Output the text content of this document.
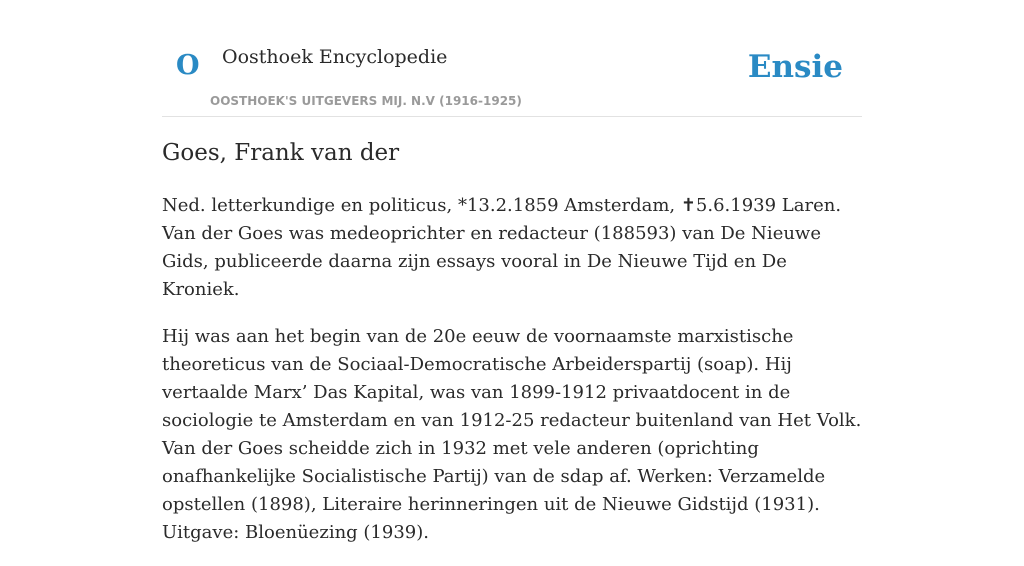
O Oosthoek Encyclopedie
OOSTHOEK'S UITGEVERS MIJ. N.V (1916-1925)
Ensie
Goes, Frank van der

Ned. letterkundige en politicus, *13.2.1859 Amsterdam, ✝5.6.1939 Laren. Van der Goes was medeoprichter en redacteur (188593) van De Nieuwe Gids, publiceerde daarna zijn essays vooral in De Nieuwe Tijd en De Kroniek.

Hij was aan het begin van de 20e eeuw de voornaamste marxistische theoreticus van de Sociaal-Democratische Arbeiderspartij (soap). Hij vertaalde Marx’ Das Kapital, was van 1899-1912 privaatdocent in de sociologie te Amsterdam en van 1912-25 redacteur buitenland van Het Volk. Van der Goes scheidde zich in 1932 met vele anderen (oprichting onafhankelijke Socialistische Partij) van de sdap af. Werken: Verzamelde opstellen (1898), Literaire herinneringen uit de Nieuwe Gidstijd (1931). Uitgave: Bloenüezing (1939).
